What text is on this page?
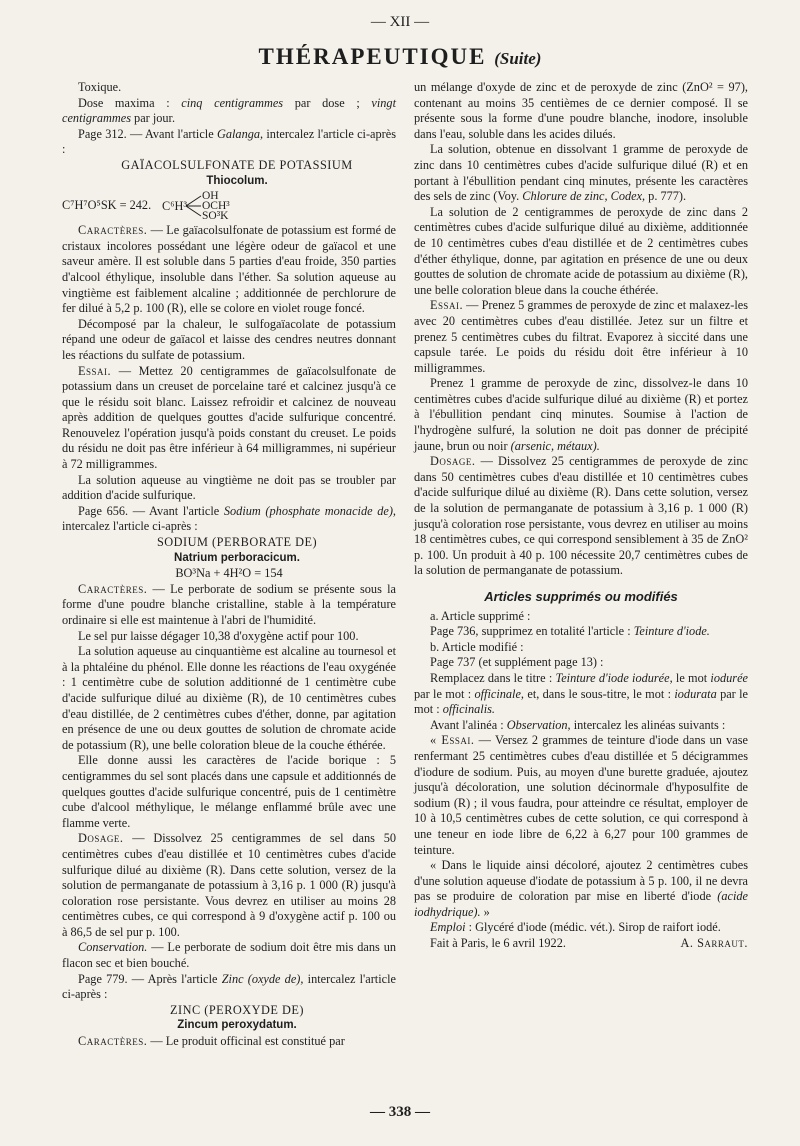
— XII —
THÉRAPEUTIQUE (Suite)

Toxique.

Dose maxima : cinq centigrammes par dose ; vingt centigrammes par jour.

Page 312. — Avant l'article Galanga, intercalez l'article ci-après :

GAÏACOLSULFONATE DE POTASSIUM

Thiocolum.

C⁷H⁷O⁵SK = 242. C⁶H³
OH
OCH³
SO³K

Caractères. — Le gaïacolsulfonate de potassium est formé de cristaux incolores possédant une légère odeur de gaïacol et une saveur amère. Il est soluble dans 5 parties d'eau froide, 350 parties d'alcool éthylique, insoluble dans l'éther. Sa solution aqueuse au vingtième est faiblement alcaline ; additionnée de perchlorure de fer dilué à 5,2 p. 100 (R), elle se colore en violet rouge foncé.

Décomposé par la chaleur, le sulfogaïacolate de potassium répand une odeur de gaïacol et laisse des cendres neutres donnant les réactions du sulfate de potassium.

Essai. — Mettez 20 centigrammes de gaïacolsulfonate de potassium dans un creuset de porcelaine taré et calcinez jusqu'à ce que le résidu soit blanc. Laissez refroidir et calcinez de nouveau après addition de quelques gouttes d'acide sulfurique concentré. Renouvelez l'opération jusqu'à poids constant du creuset. Le poids du résidu ne doit pas être inférieur à 64 milligrammes, ni supérieur à 72 milligrammes.

La solution aqueuse au vingtième ne doit pas se troubler par addition d'acide sulfurique.

Page 656. — Avant l'article Sodium (phosphate monacide de), intercalez l'article ci-après :

SODIUM (PERBORATE DE)

Natrium perboracicum.

BO³Na + 4H²O = 154

Caractères. — Le perborate de sodium se présente sous la forme d'une poudre blanche cristalline, stable à la température ordinaire si elle est maintenue à l'abri de l'humidité.

Le sel pur laisse dégager 10,38 d'oxygène actif pour 100.

La solution aqueuse au cinquantième est alcaline au tournesol et à la phtaléine du phénol. Elle donne les réactions de l'eau oxygénée : 1 centimètre cube de solution additionné de 1 centimètre cube d'acide sulfurique dilué au dixième (R), de 10 centimètres cubes d'eau distillée, de 2 centimètres cubes d'éther, donne, par agitation en présence de une ou deux gouttes de solution de chromate acide de potassium (R), une belle coloration bleue de la couche éthérée.

Elle donne aussi les caractères de l'acide borique : 5 centigrammes du sel sont placés dans une capsule et additionnés de quelques gouttes d'acide sulfurique concentré, puis de 1 centimètre cube d'alcool méthylique, le mélange enflammé brûle avec une flamme verte.

Dosage. — Dissolvez 25 centigrammes de sel dans 50 centimètres cubes d'eau distillée et 10 centimètres cubes d'acide sulfurique dilué au dixième (R). Dans cette solution, versez de la solution de permanganate de potassium à 3,16 p. 1 000 (R) jusqu'à coloration rose persistante. Vous devrez en utiliser au moins 28 centimètres cubes, ce qui correspond à 9 d'oxygène actif p. 100 ou à 86,5 de sel pur p. 100.

Conservation. — Le perborate de sodium doit être mis dans un flacon sec et bien bouché.

Page 779. — Après l'article Zinc (oxyde de), intercalez l'article ci-après :

ZINC (PEROXYDE DE)

Zincum peroxydatum.

Caractères. — Le produit officinal est constitué par

un mélange d'oxyde de zinc et de peroxyde de zinc (ZnO² = 97), contenant au moins 35 centièmes de ce dernier composé. Il se présente sous la forme d'une poudre blanche, inodore, insoluble dans l'eau, soluble dans les acides dilués.

La solution, obtenue en dissolvant 1 gramme de peroxyde de zinc dans 10 centimètres cubes d'acide sulfurique dilué (R) et en portant à l'ébullition pendant cinq minutes, présente les caractères des sels de zinc (Voy. Chlorure de zinc, Codex, p. 777).

La solution de 2 centigrammes de peroxyde de zinc dans 2 centimètres cubes d'acide sulfurique dilué au dixième, additionnée de 10 centimètres cubes d'eau distillée et de 2 centimètres cubes d'éther éthylique, donne, par agitation en présence de une ou deux gouttes de solution de chromate acide de potassium au dixième (R), une belle coloration bleue dans la couche éthérée.

Essai. — Prenez 5 grammes de peroxyde de zinc et malaxez-les avec 20 centimètres cubes d'eau distillée. Jetez sur un filtre et prenez 5 centimètres cubes du filtrat. Evaporez à siccité dans une capsule tarée. Le poids du résidu doit être inférieur à 10 milligrammes.

Prenez 1 gramme de peroxyde de zinc, dissolvez-le dans 10 centimètres cubes d'acide sulfurique dilué au dixième (R) et portez à l'ébullition pendant cinq minutes. Soumise à l'action de l'hydrogène sulfuré, la solution ne doit pas donner de précipité jaune, brun ou noir (arsenic, métaux).

Dosage. — Dissolvez 25 centigrammes de peroxyde de zinc dans 50 centimètres cubes d'eau distillée et 10 centimètres cubes d'acide sulfurique dilué au dixième (R). Dans cette solution, versez de la solution de permanganate de potassium à 3,16 p. 1 000 (R) jusqu'à coloration rose persistante, vous devrez en utiliser au moins 18 centimètres cubes, ce qui correspond sensiblement à 35 de ZnO² p. 100. Un produit à 40 p. 100 nécessite 20,7 centimètres cubes de la solution de permanganate de potassium.

Articles supprimés ou modifiés

a. Article supprimé :

Page 736, supprimez en totalité l'article : Teinture d'iode.

b. Article modifié :

Page 737 (et supplément page 13) :

Remplacez dans le titre : Teinture d'iode iodurée, le mot iodurée par le mot : officinale, et, dans le sous-titre, le mot : iodurata par le mot : officinalis.

Avant l'alinéa : Observation, intercalez les alinéas suivants :

« Essai. — Versez 2 grammes de teinture d'iode dans un vase renfermant 25 centimètres cubes d'eau distillée et 5 décigrammes d'iodure de sodium. Puis, au moyen d'une burette graduée, ajoutez jusqu'à décoloration, une solution décinormale d'hyposulfite de sodium (R) ; il vous faudra, pour atteindre ce résultat, employer de 10 à 10,5 centimètres cubes de cette solution, ce qui correspond à une teneur en iode libre de 6,22 à 6,27 pour 100 grammes de teinture.

« Dans le liquide ainsi décoloré, ajoutez 2 centimètres cubes d'une solution aqueuse d'iodate de potassium à 5 p. 100, il ne devra pas se produire de coloration par mise en liberté d'iode (acide iodhydrique). »

Emploi : Glycéré d'iode (médic. vét.). Sirop de raifort iodé.

Fait à Paris, le 6 avril 1922.	A. Sarraut.
— 338 —
